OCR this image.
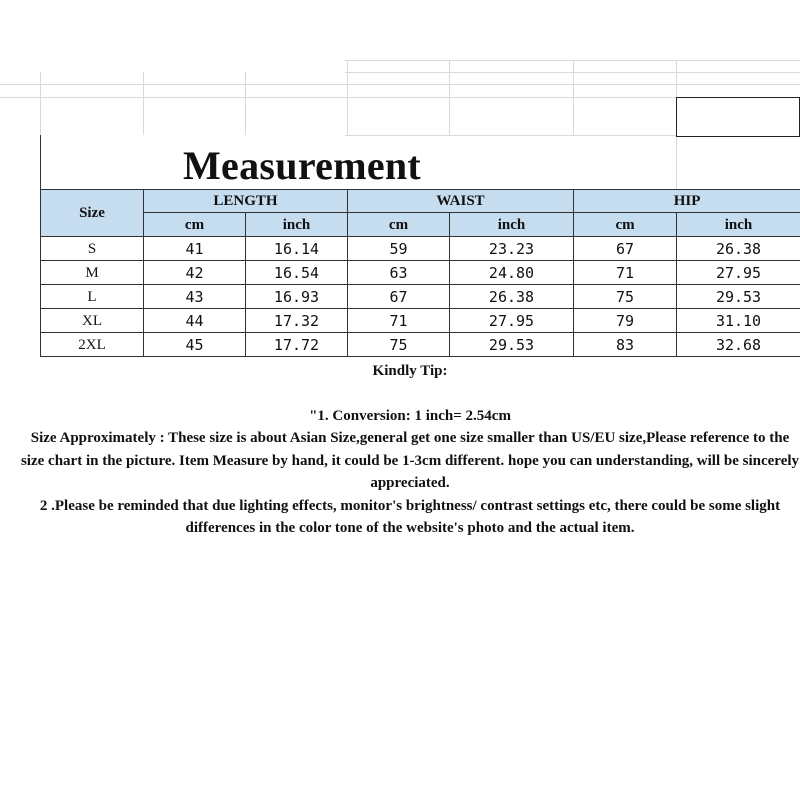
Measurement
Size	LENGTH		WAIST		HIP	
	cm	inch	cm	inch	cm	inch
S	41	16.14	59	23.23	67	26.38
M	42	16.54	63	24.80	71	27.95
L	43	16.93	67	26.38	75	29.53
XL	44	17.32	71	27.95	79	31.10
2XL	45	17.72	75	29.53	83	32.68

Kindly Tip:

"1. Conversion: 1 inch= 2.54cm

Size Approximately : These size is about Asian Size,general get one size smaller than US/EU size,Please reference to the size chart in the picture. Item Measure by hand, it could be 1-3cm different. hope you can understanding, will be sincerely appreciated.

2 .Please be reminded that due lighting effects, monitor's brightness/ contrast settings etc, there could be some slight differences in the color tone of the website's photo and the actual item.
